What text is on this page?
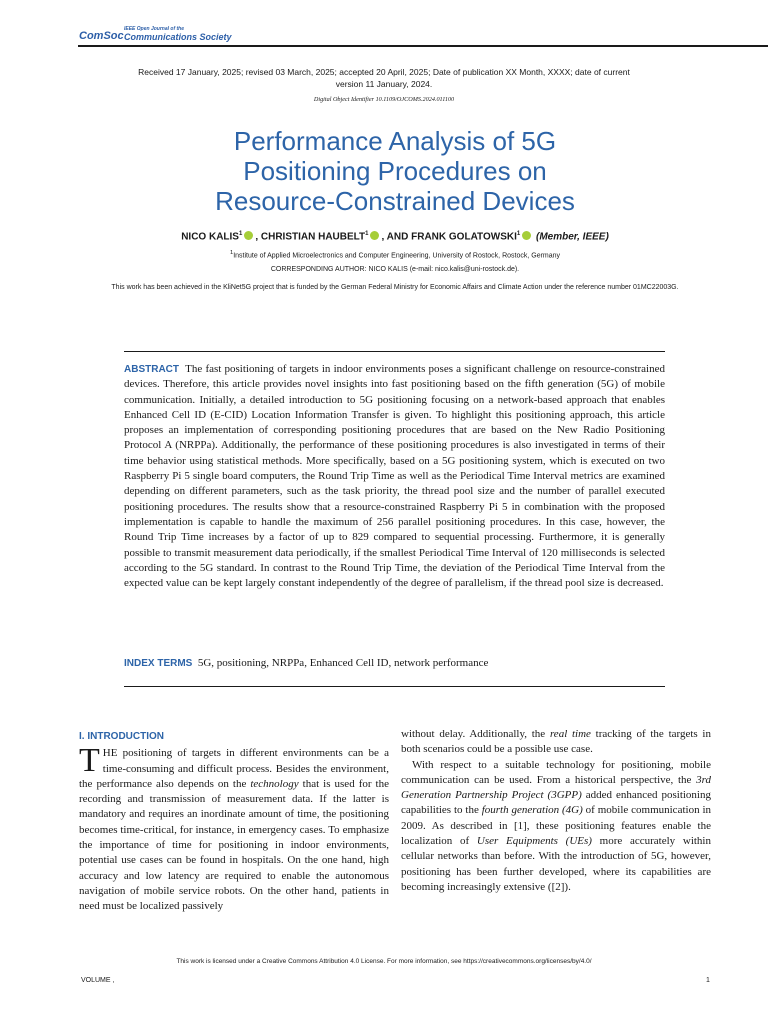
ComSoc
IEEE Open Journal of the
Communications Society
Received 17 January, 2025; revised 03 March, 2025; accepted 20 April, 2025; Date of publication XX Month, XXXX; date of current
version 11 January, 2024.
Digital Object Identifier 10.1109/OJCOMS.2024.011100
Performance Analysis of 5G
Positioning Procedures on
Resource-Constrained Devices
NICO KALIS$^1$ , CHRISTIAN HAUBELT$^1$ , AND FRANK GOLATOWSKI$^1$ (Member, IEEE)
$^1$Institute of Applied Microelectronics and Computer Engineering, University of Rostock, Rostock, Germany
CORRESPONDING AUTHOR: NICO KALIS (e-mail: nico.kalis@uni-rostock.de).
This work has been achieved in the KliNet5G project that is funded by the German Federal Ministry for Economic Affairs and Climate Action under the reference number 01MC22003G.
ABSTRACT The fast positioning of targets in indoor environments poses a significant challenge on resource-constrained devices. Therefore, this article provides novel insights into fast positioning based on the fifth generation (5G) of mobile communication. Initially, a detailed introduction to 5G positioning focusing on a network-based approach that enables Enhanced Cell ID (E-CID) Location Information Transfer is given. To highlight this positioning approach, this article proposes an implementation of corresponding positioning procedures that are based on the New Radio Positioning Protocol A (NRPPa). Additionally, the performance of these positioning procedures is also investigated in terms of their time behavior using statistical methods. More specifically, based on a 5G positioning system, which is executed on two Raspberry Pi 5 single board computers, the Round Trip Time as well as the Periodical Time Interval metrics are examined depending on different parameters, such as the task priority, the thread pool size and the number of parallel executed positioning procedures. The results show that a resource-constrained Raspberry Pi 5 in combination with the proposed implementation is capable to handle the maximum of 256 parallel positioning procedures. In this case, however, the Round Trip Time increases by a factor of up to 829 compared to sequential processing. Furthermore, it is generally possible to transmit measurement data periodically, if the smallest Periodical Time Interval of 120 milliseconds is selected according to the 5G standard. In contrast to the Round Trip Time, the deviation of the Periodical Time Interval from the expected value can be kept largely constant independently of the degree of parallelism, if the thread pool size is decreased.
INDEX TERMS 5G, positioning, NRPPa, Enhanced Cell ID, network performance
I. INTRODUCTION
THE positioning of targets in different environments can be a time-consuming and difficult process. Besides the environment, the performance also depends on the technology that is used for the recording and transmission of measurement data. If the latter is mandatory and requires an inordinate amount of time, the positioning becomes time-critical, for instance, in emergency cases. To emphasize the importance of time for positioning in indoor environments, potential use cases can be found in hospitals. On the one hand, high accuracy and low latency are required to enable the autonomous navigation of mobile service robots. On the other hand, patients in need must be localized passively
without delay. Additionally, the real time tracking of the targets in both scenarios could be a possible use case.
With respect to a suitable technology for positioning, mobile communication can be used. From a historical perspective, the 3rd Generation Partnership Project (3GPP) added enhanced positioning capabilities to the fourth generation (4G) of mobile communication in 2009. As described in [1], these positioning features enable the localization of User Equipments (UEs) more accurately within cellular networks than before. With the introduction of 5G, however, positioning has been further developed, where its capabilities are becoming increasingly extensive ([2]).
This work is licensed under a Creative Commons Attribution 4.0 License. For more information, see https://creativecommons.org/licenses/by/4.0/
VOLUME ,	1
